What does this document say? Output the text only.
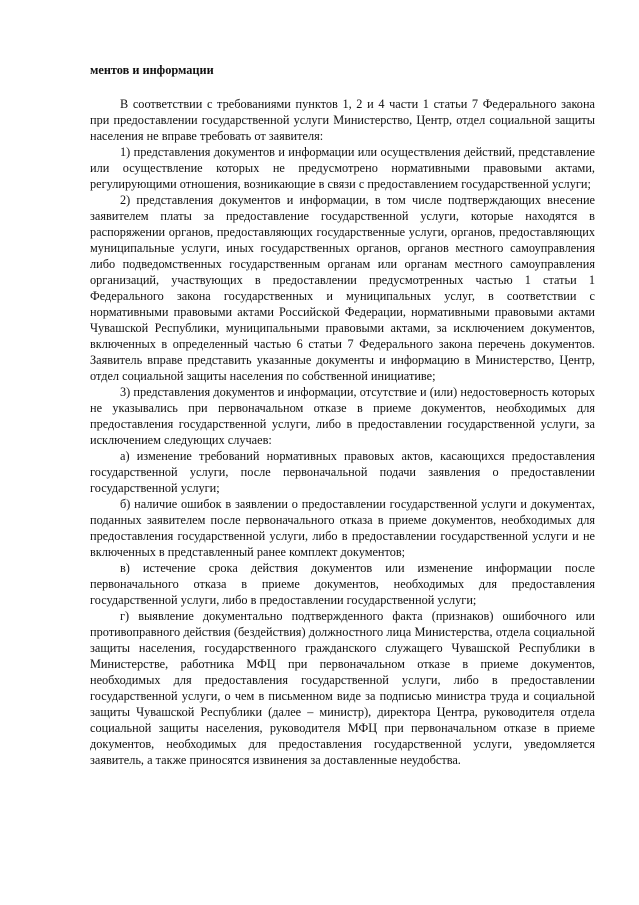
ментов и информации

В соответствии с требованиями пунктов 1, 2 и 4 части 1 статьи 7 Федерального закона при предоставлении государственной услуги Министерство, Центр, отдел социальной защиты населения не вправе требовать от заявителя:

1) представления документов и информации или осуществления действий, представление или осуществление которых не предусмотрено нормативными правовыми актами, регулирующими отношения, возникающие в связи с предоставлением государственной услуги;

2) представления документов и информации, в том числе подтверждающих внесение заявителем платы за предоставление государственной услуги, которые находятся в распоряжении органов, предоставляющих государственные услуги, органов, предоставляющих муниципальные услуги, иных государственных органов, органов местного самоуправления либо подведомственных государственным органам или органам местного самоуправления организаций, участвующих в предоставлении предусмотренных частью 1 статьи 1 Федерального закона государственных и муниципальных услуг, в соответствии с нормативными правовыми актами Российской Федерации, нормативными правовыми актами Чувашской Республики, муниципальными правовыми актами, за исключением документов, включенных в определенный частью 6 статьи 7 Федерального закона перечень документов. Заявитель вправе представить указанные документы и информацию в Министерство, Центр, отдел социальной защиты населения по собственной инициативе;

3) представления документов и информации, отсутствие и (или) недостоверность которых не указывались при первоначальном отказе в приеме документов, необходимых для предоставления государственной услуги, либо в предоставлении государственной услуги, за исключением следующих случаев:

а) изменение требований нормативных правовых актов, касающихся предоставления государственной услуги, после первоначальной подачи заявления о предоставлении государственной услуги;

б) наличие ошибок в заявлении о предоставлении государственной услуги и документах, поданных заявителем после первоначального отказа в приеме документов, необходимых для предоставления государственной услуги, либо в предоставлении государственной услуги и не включенных в представленный ранее комплект документов;

в) истечение срока действия документов или изменение информации после первоначального отказа в приеме документов, необходимых для предоставления государственной услуги, либо в предоставлении государственной услуги;

г) выявление документально подтвержденного факта (признаков) ошибочного или противоправного действия (бездействия) должностного лица Министерства, отдела социальной защиты населения, государственного гражданского служащего Чувашской Республики в Министерстве, работника МФЦ при первоначальном отказе в приеме документов, необходимых для предоставления государственной услуги, либо в предоставлении государственной услуги, о чем в письменном виде за подписью министра труда и социальной защиты Чувашской Республики (далее – министр), директора Центра, руководителя отдела социальной защиты населения, руководителя МФЦ при первоначальном отказе в приеме документов, необходимых для предоставления государственной услуги, уведомляется заявитель, а также приносятся извинения за доставленные неудобства.
